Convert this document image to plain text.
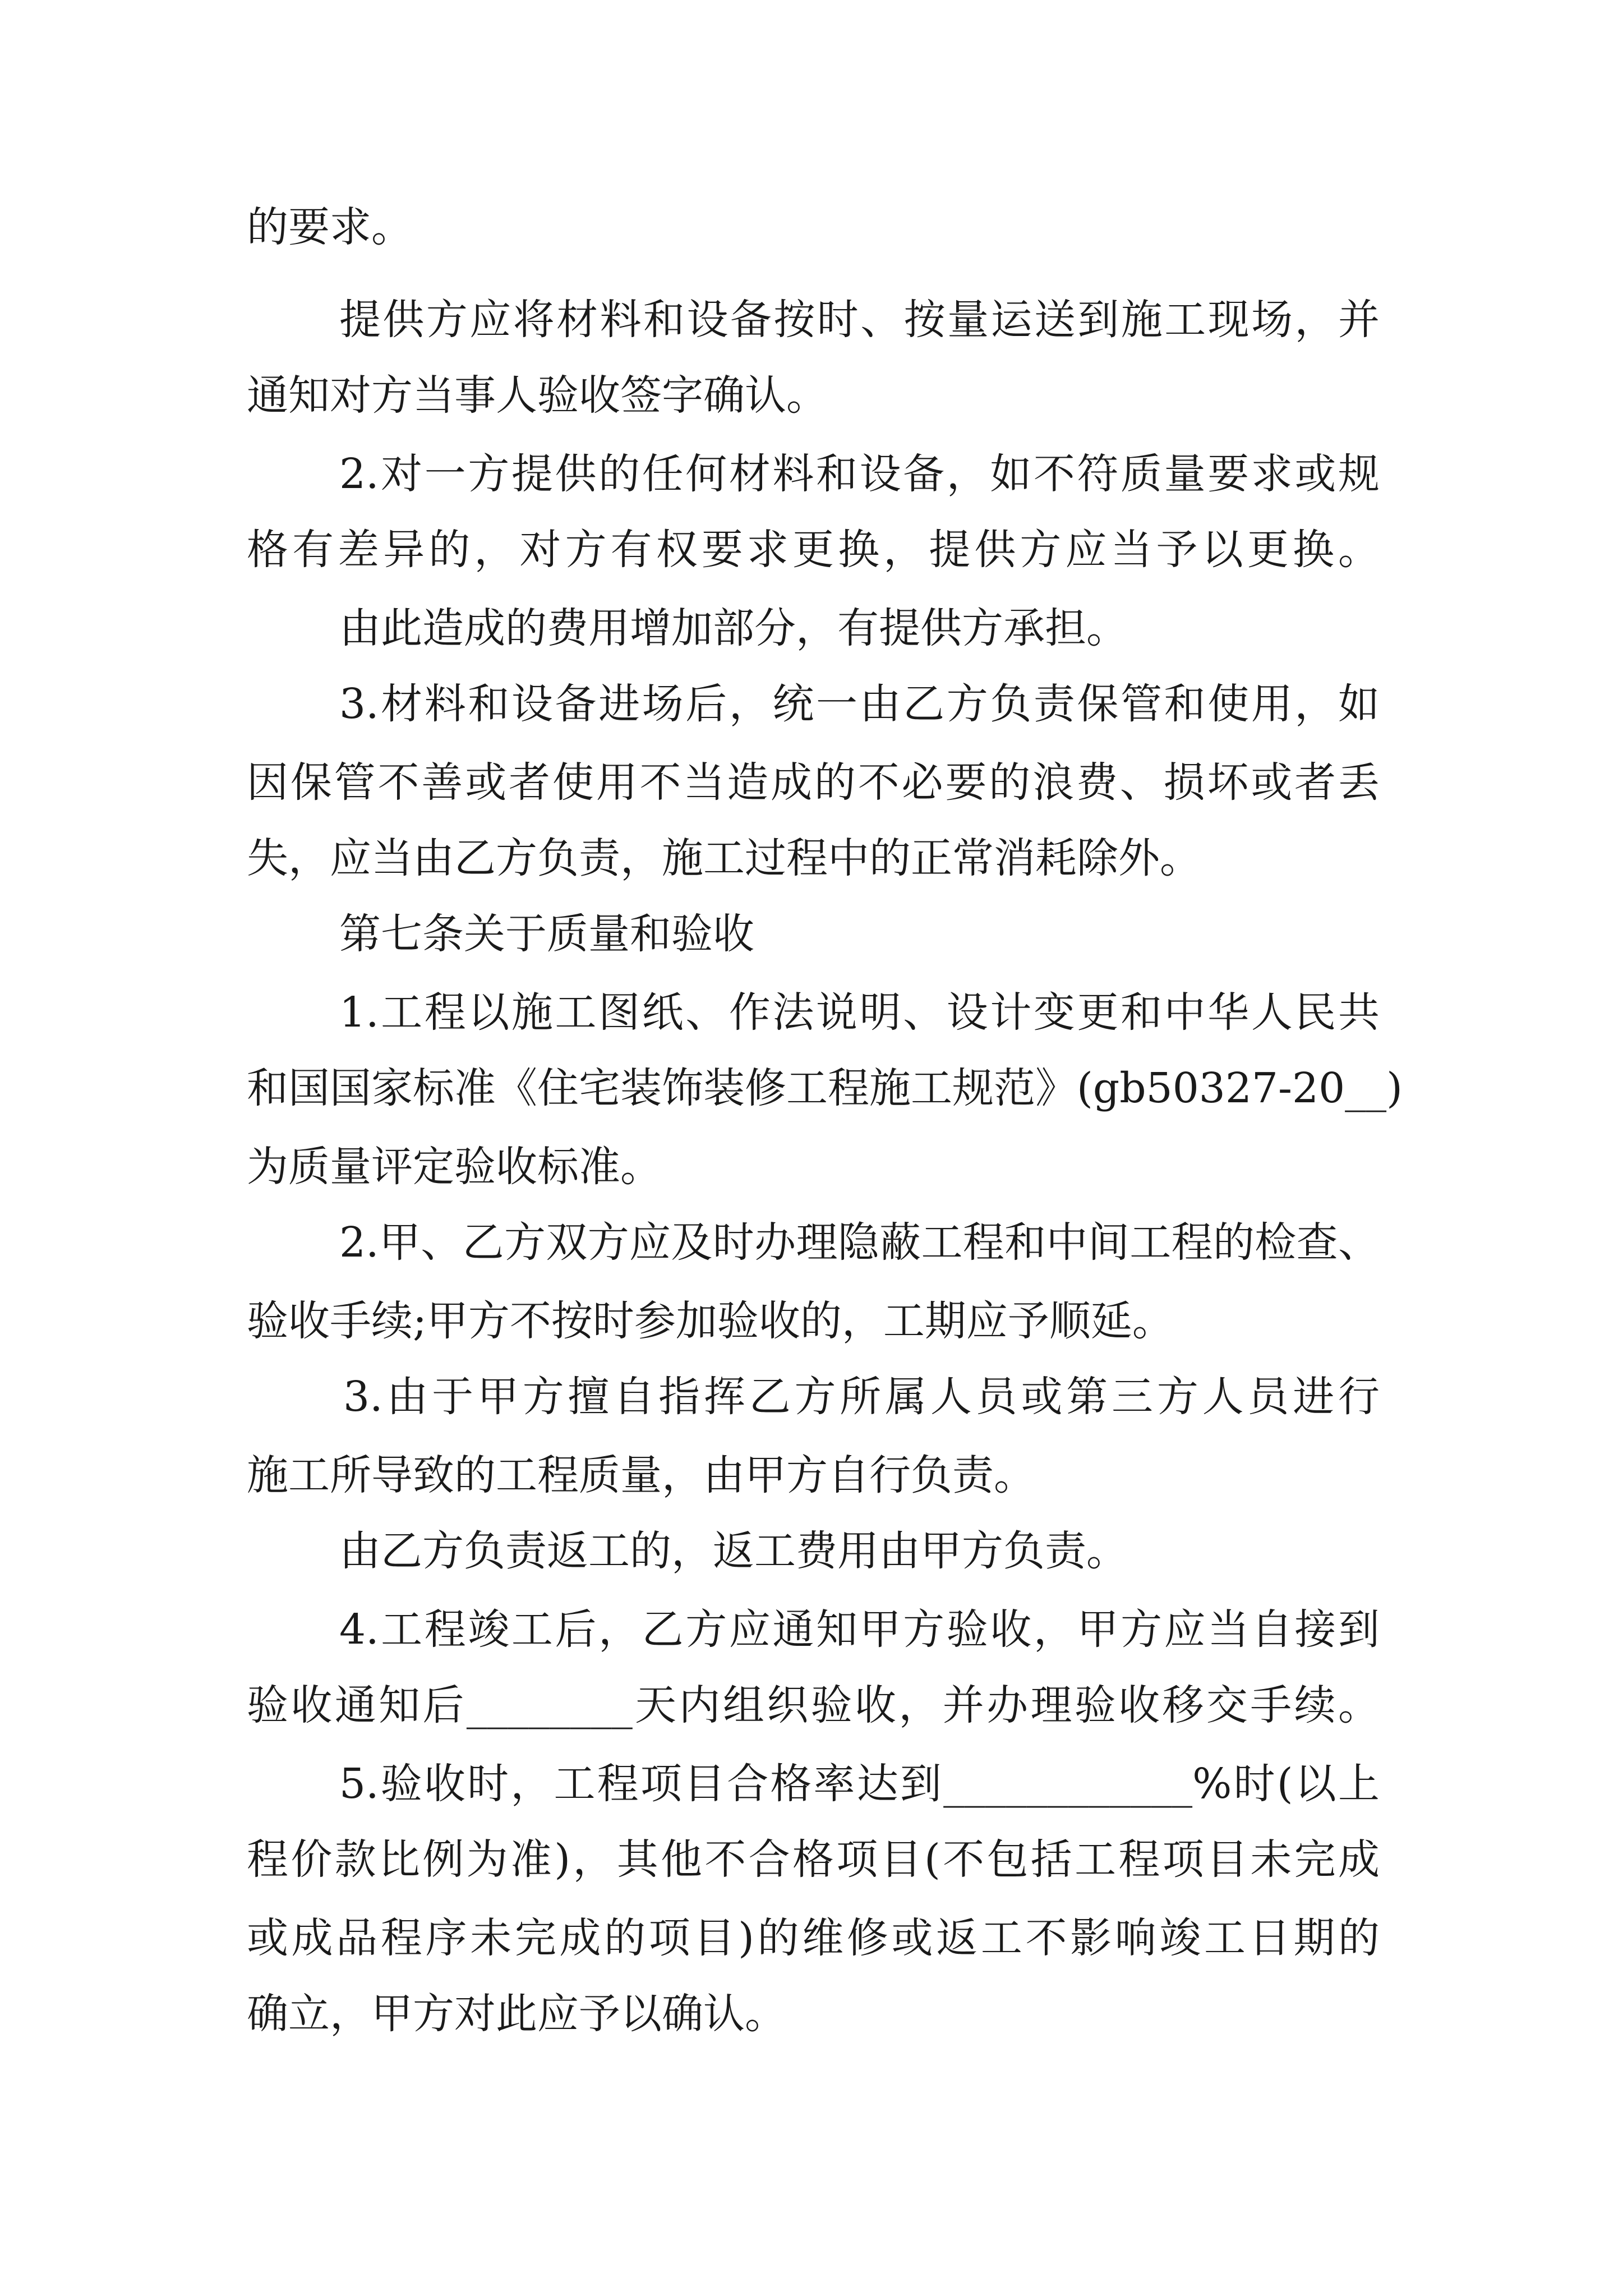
的要求。
提供方应将材料和设备按时、按量运送到施工现场，并
通知对方当事人验收签字确认。
2.对一方提供的任何材料和设备，如不符质量要求或规
格有差异的，对方有权要求更换，提供方应当予以更换。
由此造成的费用增加部分，有提供方承担。
3.材料和设备进场后，统一由乙方负责保管和使用，如
因保管不善或者使用不当造成的不必要的浪费、损坏或者丢
失，应当由乙方负责，施工过程中的正常消耗除外。
第七条关于质量和验收
1.工程以施工图纸、作法说明、设计变更和中华人民共
和国国家标准《住宅装饰装修工程施工规范》(gb50327-20__)
为质量评定验收标准。
2.甲、乙方双方应及时办理隐蔽工程和中间工程的检查、
验收手续;甲方不按时参加验收的，工期应予顺延。
3.由于甲方擅自指挥乙方所属人员或第三方人员进行
施工所导致的工程质量，由甲方自行负责。
由乙方负责返工的，返工费用由甲方负责。
4.工程竣工后，乙方应通知甲方验收，甲方应当自接到
验收通知后________天内组织验收，并办理验收移交手续。
5.验收时，工程项目合格率达到____________%时(以上
程价款比例为准)，其他不合格项目(不包括工程项目未完成
或成品程序未完成的项目)的维修或返工不影响竣工日期的
确立，甲方对此应予以确认。
